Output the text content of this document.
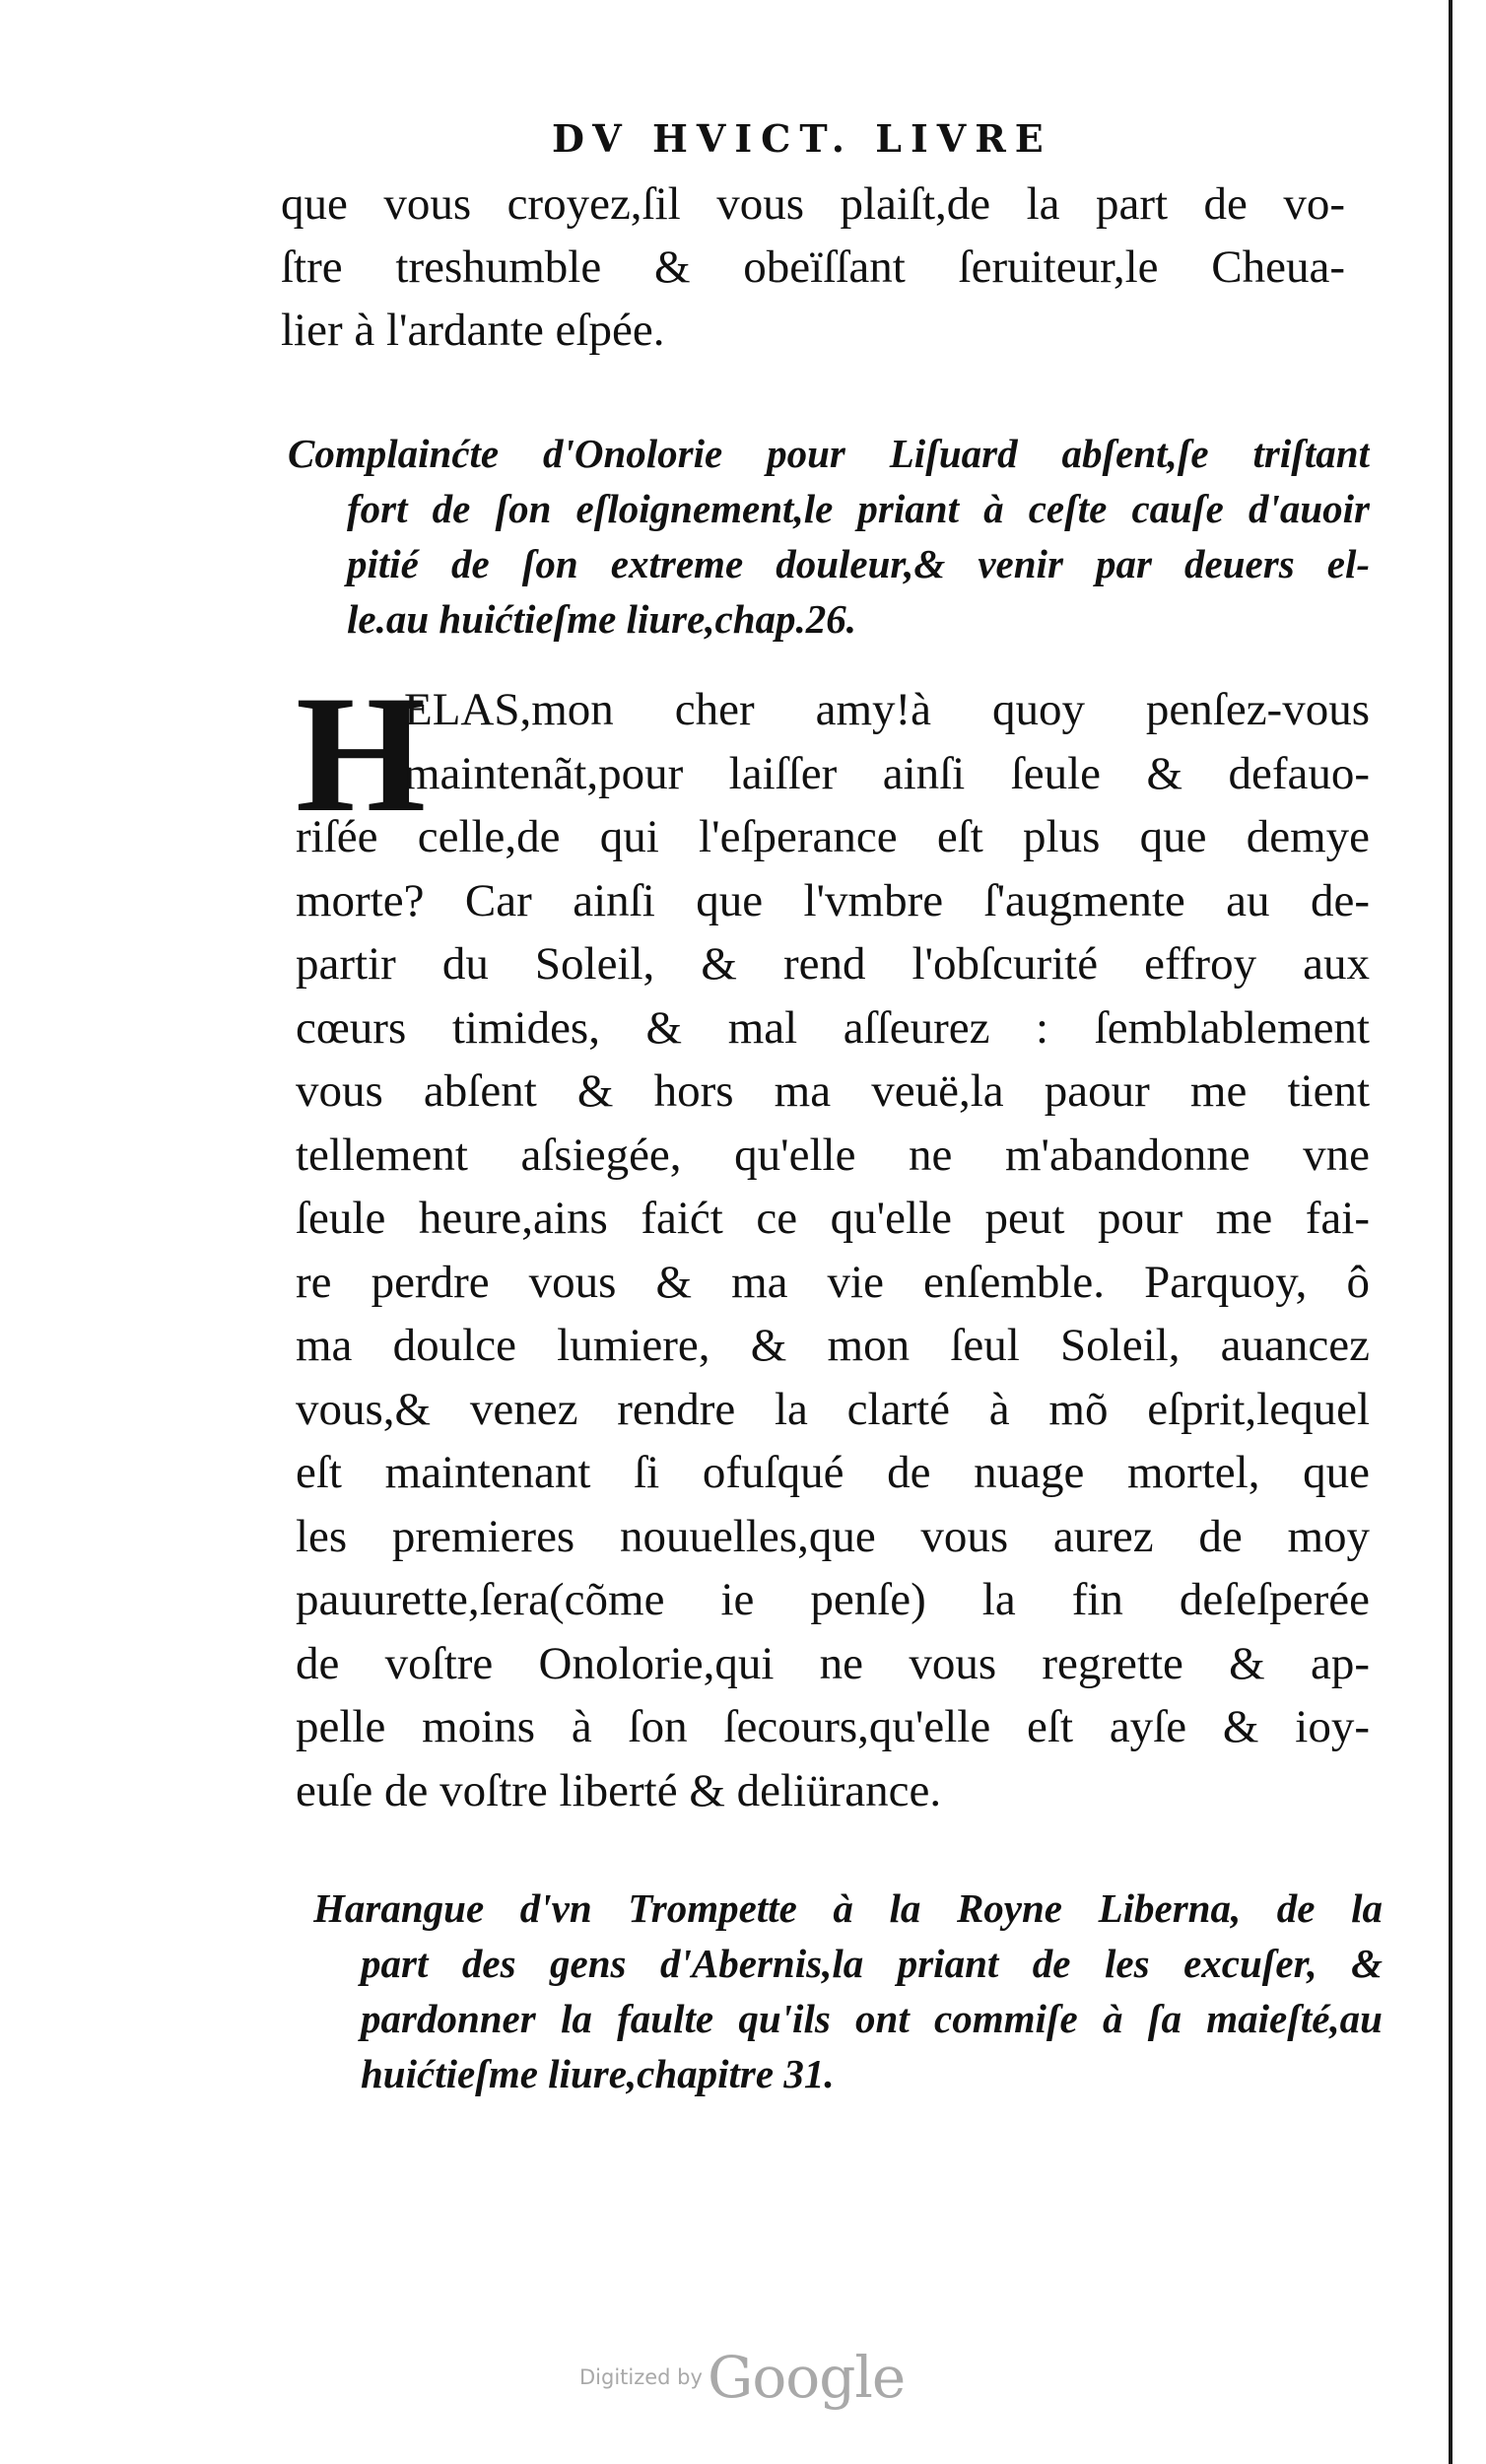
DV HVICT. LIVRE
que vous croyez,ſil vous plaiſt,de la part de vo-
ſtre treshumble & obeïſſant ſeruiteur,le Cheua-
lier à l'ardante eſpée.
Complainćte d'Onolorie pour Liſuard abſent,ſe triſtant
fort de ſon eſloignement,le priant à ceſte cauſe d'auoir
pitié de ſon extreme douleur,& venir par deuers el-
le.au huićtieſme liure,chap.26.
H
ELAS,mon cher amy!à quoy penſez-vous
maintenãt,pour laiſſer ainſi ſeule & defauo-
riſée celle,de qui l'eſperance eſt plus que demye
morte? Car ainſi que l'vmbre ſ'augmente au de-
partir du Soleil, & rend l'obſcurité effroy aux
cœurs timides, & mal aſſeurez : ſemblablement
vous abſent & hors ma veuë,la paour me tient
tellement aſsiegée, qu'elle ne m'abandonne vne
ſeule heure,ains faićt ce qu'elle peut pour me fai-
re perdre vous & ma vie enſemble. Parquoy, ô
ma doulce lumiere, & mon ſeul Soleil, auancez
vous,& venez rendre la clarté à mõ eſprit,lequel
eſt maintenant ſi ofuſqué de nuage mortel, que
les premieres nouuelles,que vous aurez de moy
pauurette,ſera(cõme ie penſe) la fin deſeſperée
de voſtre Onolorie,qui ne vous regrette & ap-
pelle moins à ſon ſecours,qu'elle eſt ayſe & ioy-
euſe de voſtre liberté & deliürance.
Harangue d'vn Trompette à la Royne Liberna, de la
part des gens d'Abernis,la priant de les excuſer, &
pardonner la faulte qu'ils ont commiſe à ſa maieſté,au
huićtieſme liure,chapitre 31.
Digitized by Google
